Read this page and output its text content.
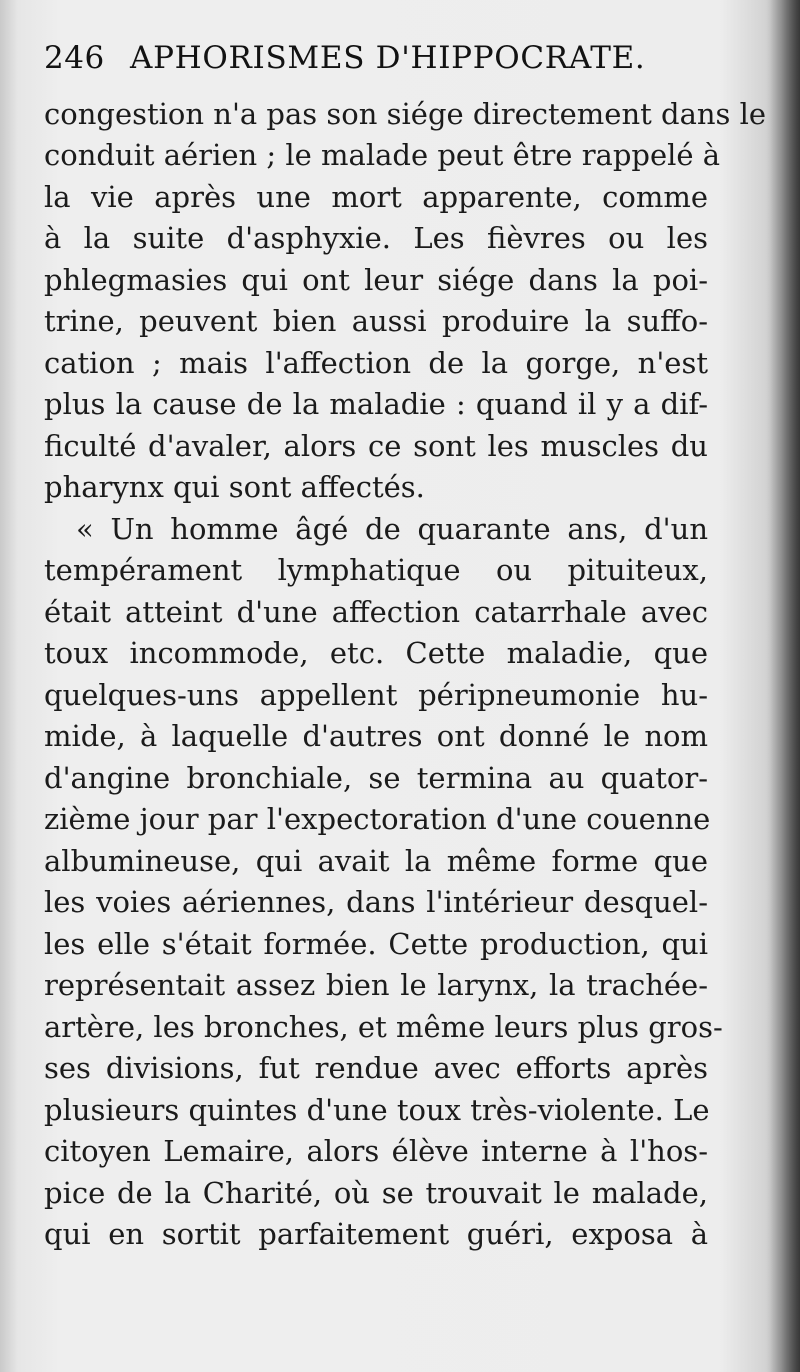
246 APHORISMES D'HIPPOCRATE.
congestion n'a pas son siége directement dans le
conduit aérien ; le malade peut être rappelé à
la vie après une mort apparente, comme
à la suite d'asphyxie. Les fièvres ou les
phlegmasies qui ont leur siége dans la poi-
trine, peuvent bien aussi produire la suffo-
cation ; mais l'affection de la gorge, n'est
plus la cause de la maladie : quand il y a dif-
ficulté d'avaler, alors ce sont les muscles du
pharynx qui sont affectés.
« Un homme âgé de quarante ans, d'un
tempérament lymphatique ou pituiteux,
était atteint d'une affection catarrhale avec
toux incommode, etc. Cette maladie, que
quelques-uns appellent péripneumonie hu-
mide, à laquelle d'autres ont donné le nom
d'angine bronchiale, se termina au quator-
zième jour par l'expectoration d'une couenne
albumineuse, qui avait la même forme que
les voies aériennes, dans l'intérieur desquel-
les elle s'était formée. Cette production, qui
représentait assez bien le larynx, la trachée-
artère, les bronches, et même leurs plus gros-
ses divisions, fut rendue avec efforts après
plusieurs quintes d'une toux très-violente. Le
citoyen Lemaire, alors élève interne à l'hos-
pice de la Charité, où se trouvait le malade,
qui en sortit parfaitement guéri, exposa à
